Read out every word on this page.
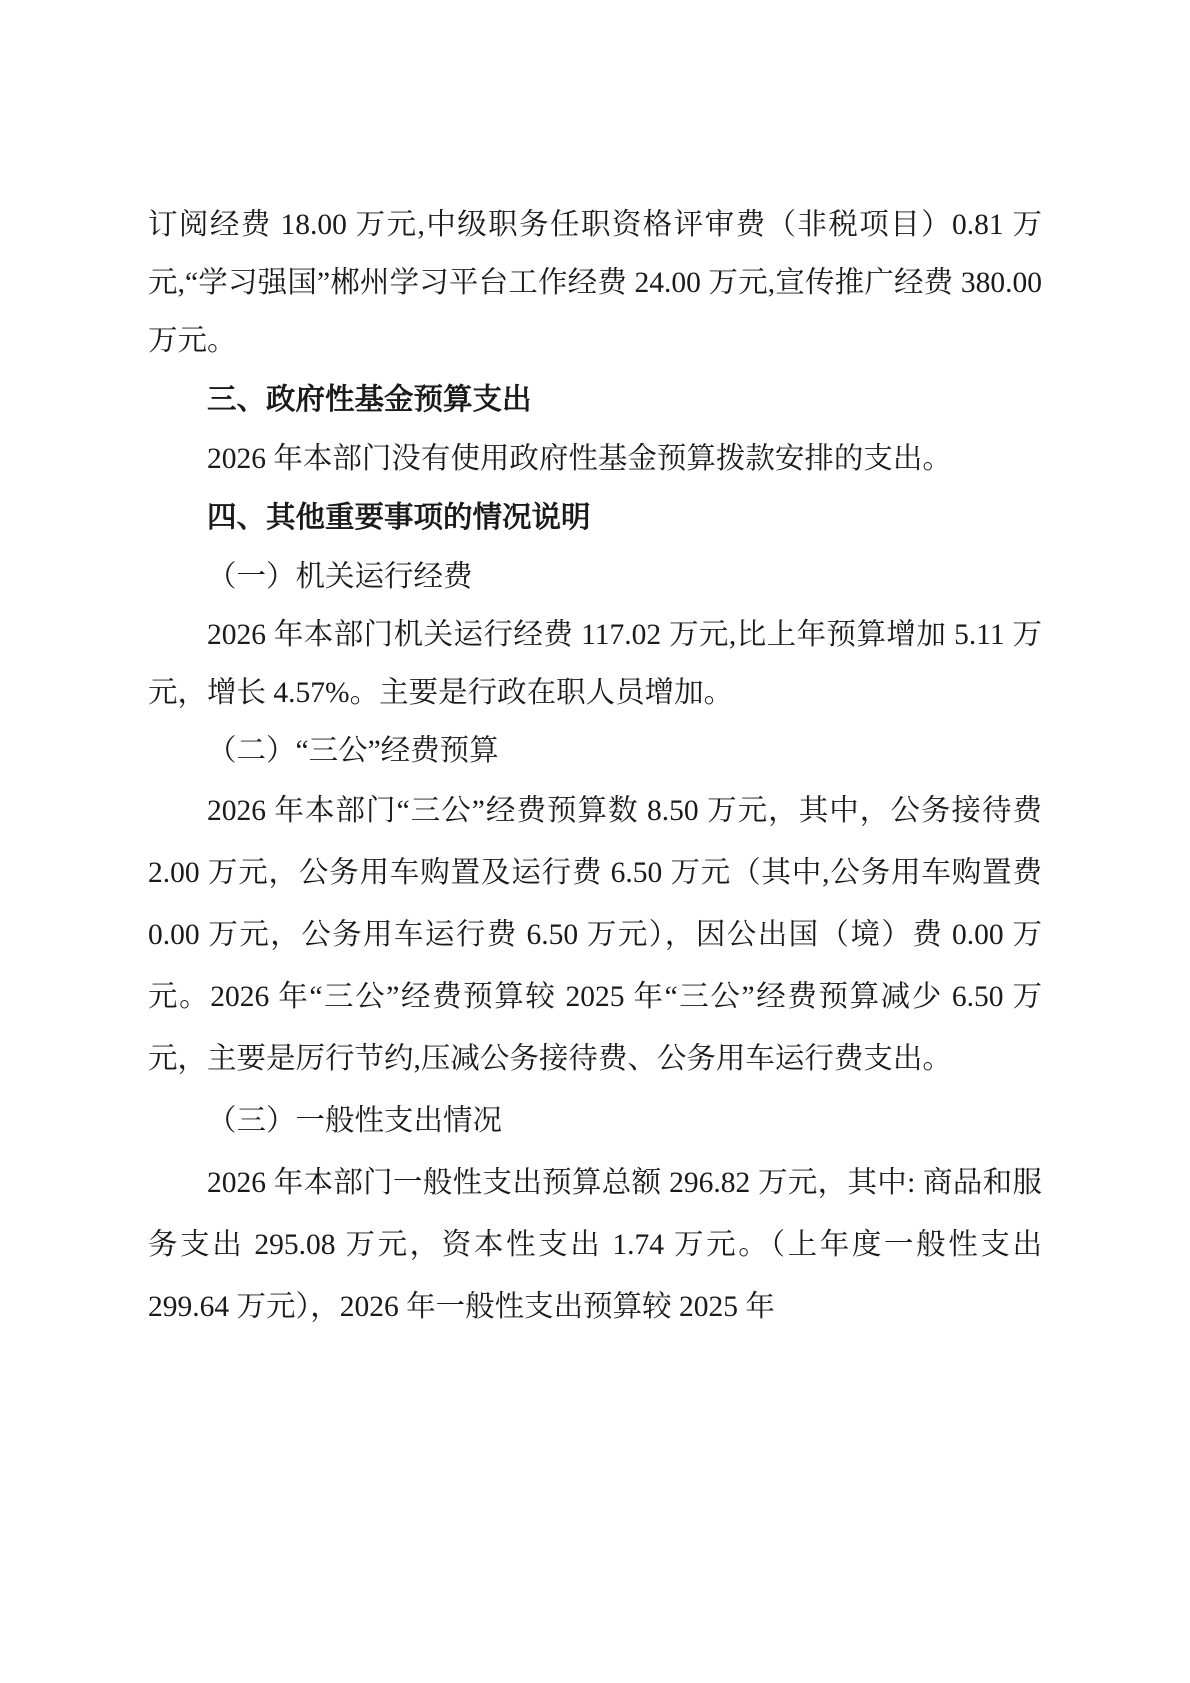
订阅经费 18.00 万元,中级职务任职资格评审费（非税项目）0.81 万元,“学习强国”郴州学习平台工作经费 24.00 万元,宣传推广经费 380.00 万元。

三、政府性基金预算支出

2026 年本部门没有使用政府性基金预算拨款安排的支出。

四、其他重要事项的情况说明

（一）机关运行经费

2026 年本部门机关运行经费 117.02 万元,比上年预算增加 5.11 万元，增长 4.57%。主要是行政在职人员增加。

（二）“三公”经费预算

2026 年本部门“三公”经费预算数 8.50 万元，其中，公务接待费 2.00 万元，公务用车购置及运行费 6.50 万元（其中,公务用车购置费 0.00 万元，公务用车运行费 6.50 万元），因公出国（境）费 0.00 万元。2026 年“三公”经费预算较 2025 年“三公”经费预算减少 6.50 万元，主要是厉行节约,压减公务接待费、公务用车运行费支出。

（三）一般性支出情况

2026 年本部门一般性支出预算总额 296.82 万元，其中: 商品和服务支出 295.08 万元，资本性支出 1.74 万元。（上年度一般性支出 299.64 万元），2026 年一般性支出预算较 2025 年
